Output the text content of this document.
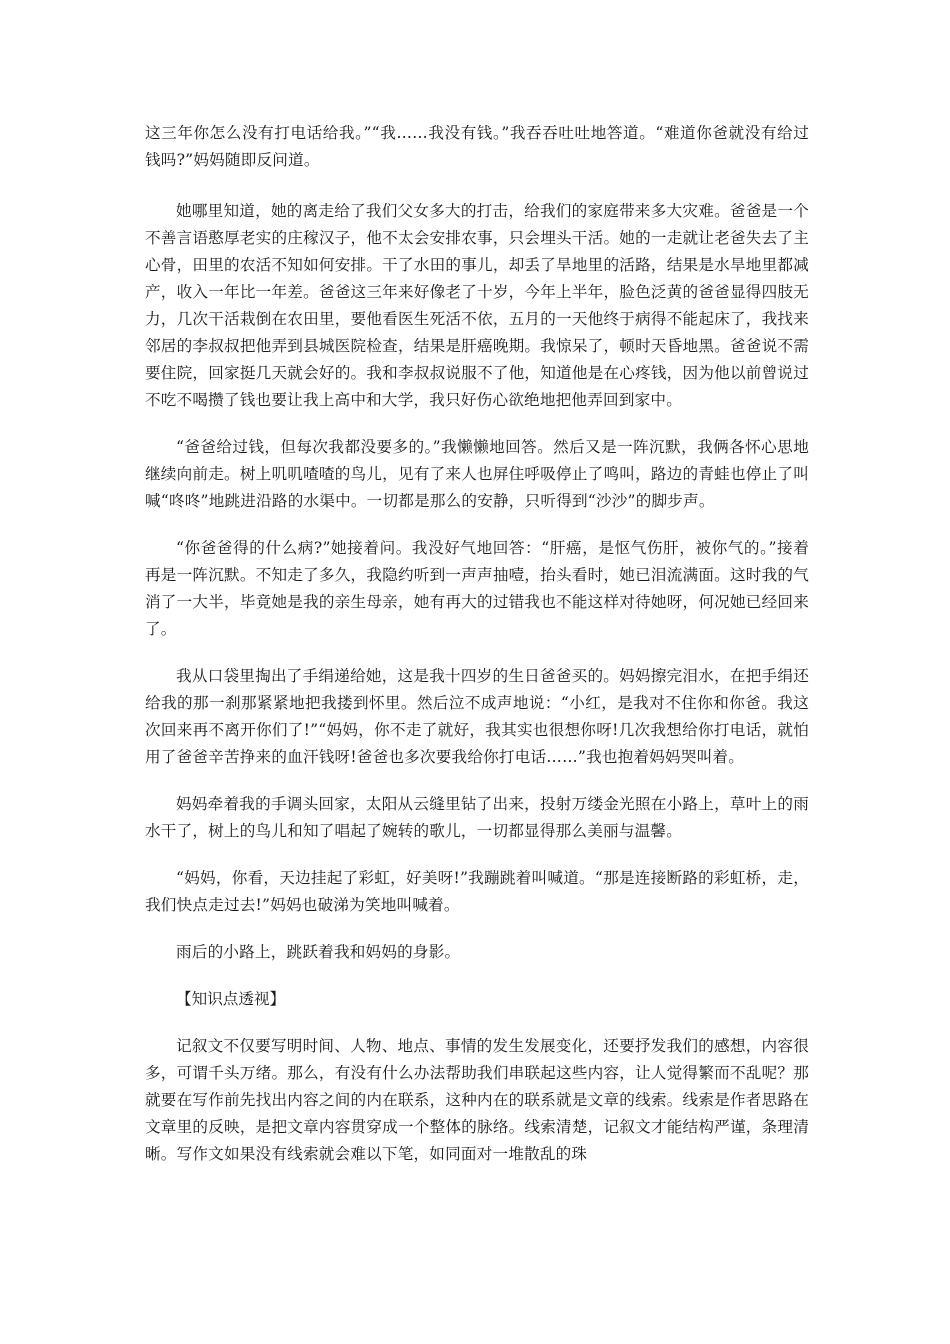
这三年你怎么没有打电话给我。”“我……我没有钱。”我吞吞吐吐地答道。“难道你爸就没有给过钱吗?”妈妈随即反问道。

她哪里知道，她的离走给了我们父女多大的打击，给我们的家庭带来多大灾难。爸爸是一个不善言语憨厚老实的庄稼汉子，他不太会安排农事，只会埋头干活。她的一走就让老爸失去了主心骨，田里的农活不知如何安排。干了水田的事儿，却丢了旱地里的活路，结果是水旱地里都减产，收入一年比一年差。爸爸这三年来好像老了十岁，今年上半年，脸色泛黄的爸爸显得四肢无力，几次干活栽倒在农田里，要他看医生死活不依，五月的一天他终于病得不能起床了，我找来邻居的李叔叔把他弄到县城医院检查，结果是肝癌晚期。我惊呆了，顿时天昏地黑。爸爸说不需要住院，回家挺几天就会好的。我和李叔叔说服不了他，知道他是在心疼钱，因为他以前曾说过不吃不喝攒了钱也要让我上高中和大学，我只好伤心欲绝地把他弄回到家中。

“爸爸给过钱，但每次我都没要多的。”我懒懒地回答。然后又是一阵沉默，我俩各怀心思地继续向前走。树上叽叽喳喳的鸟儿，见有了来人也屏住呼吸停止了鸣叫，路边的青蛙也停止了叫喊“咚咚”地跳进沿路的水渠中。一切都是那么的安静，只听得到“沙沙”的脚步声。

“你爸爸得的什么病?”她接着问。我没好气地回答：“肝癌，是怄气伤肝，被你气的。”接着再是一阵沉默。不知走了多久，我隐约听到一声声抽噎，抬头看时，她已泪流满面。这时我的气消了一大半，毕竟她是我的亲生母亲，她有再大的过错我也不能这样对待她呀，何况她已经回来了。

我从口袋里掏出了手绢递给她，这是我十四岁的生日爸爸买的。妈妈擦完泪水，在把手绢还给我的那一刹那紧紧地把我搂到怀里。然后泣不成声地说：“小红，是我对不住你和你爸。我这次回来再不离开你们了!”“妈妈，你不走了就好，我其实也很想你呀!几次我想给你打电话，就怕用了爸爸辛苦挣来的血汗钱呀!爸爸也多次要我给你打电话……”我也抱着妈妈哭叫着。

妈妈牵着我的手调头回家，太阳从云缝里钻了出来，投射万缕金光照在小路上，草叶上的雨水干了，树上的鸟儿和知了唱起了婉转的歌儿，一切都显得那么美丽与温馨。

“妈妈，你看，天边挂起了彩虹，好美呀!”我蹦跳着叫喊道。“那是连接断路的彩虹桥，走，我们快点走过去!”妈妈也破涕为笑地叫喊着。

雨后的小路上，跳跃着我和妈妈的身影。

【知识点透视】

记叙文不仅要写明时间、人物、地点、事情的发生发展变化，还要抒发我们的感想，内容很多，可谓千头万绪。那么，有没有什么办法帮助我们串联起这些内容，让人觉得繁而不乱呢？那就要在写作前先找出内容之间的内在联系，这种内在的联系就是文章的线索。线索是作者思路在文章里的反映，是把文章内容贯穿成一个整体的脉络。线索清楚，记叙文才能结构严谨，条理清晰。写作文如果没有线索就会难以下笔，如同面对一堆散乱的珠
